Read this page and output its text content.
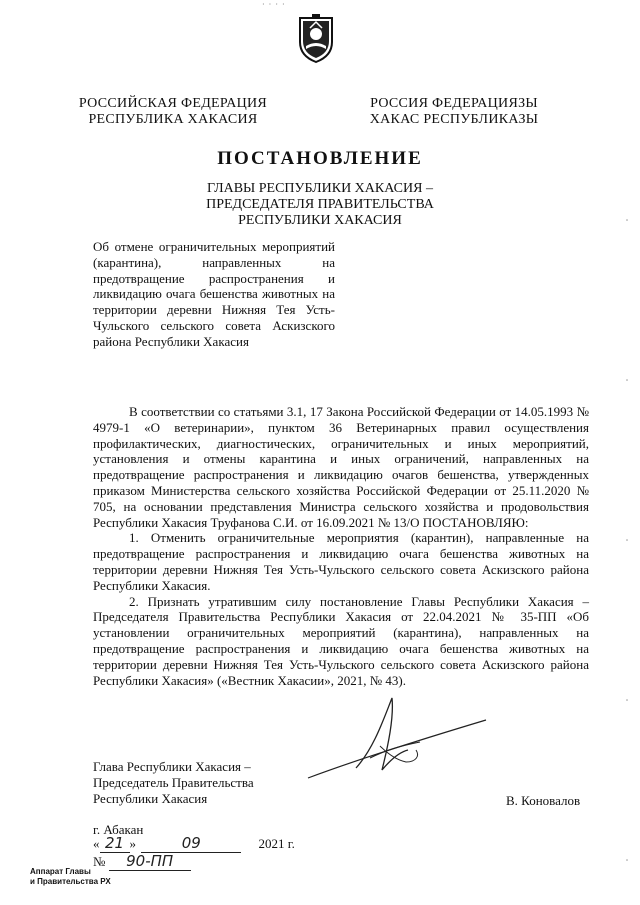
· · · ·
РОССИЙСКАЯ ФЕДЕРАЦИЯ
РЕСПУБЛИКА ХАКАСИЯ
РОССИЯ ФЕДЕРАЦИЯЗЫ
ХАКАС РЕСПУБЛИКАЗЫ
ПОСТАНОВЛЕНИЕ
ГЛАВЫ РЕСПУБЛИКИ ХАКАСИЯ –
ПРЕДСЕДАТЕЛЯ ПРАВИТЕЛЬСТВА
РЕСПУБЛИКИ ХАКАСИЯ
Об отмене ограничительных мероприятий (карантина), направленных на предотвращение распространения и ликвидацию очага бешенства животных на территории деревни Нижняя Тея Усть-Чульского сельского совета Аскизского района Республики Хакасия

В соответствии со статьями 3.1, 17 Закона Российской Федерации от 14.05.1993 № 4979-1 «О ветеринарии», пунктом 36 Ветеринарных правил осуществления профилактических, диагностических, ограничительных и иных мероприятий, установления и отмены карантина и иных ограничений, направленных на предотвращение распространения и ликвидацию очагов бешенства, утвержденных приказом Министерства сельского хозяйства Российской Федерации от 25.11.2020 № 705, на основании представления Министра сельского хозяйства и продовольствия Республики Хакасия Труфанова С.И. от 16.09.2021 № 13/О ПОСТАНОВЛЯЮ:

1. Отменить ограничительные мероприятия (карантин), направленные на предотвращение распространения и ликвидацию очага бешенства животных на территории деревни Нижняя Тея Усть-Чульского сельского совета Аскизского района Республики Хакасия.

2. Признать утратившим силу постановление Главы Республики Хакасия – Председателя Правительства Республики Хакасия от 22.04.2021 № 35-ПП «Об установлении ограничительных мероприятий (карантина), направленных на предотвращение распространения и ликвидацию очага бешенства животных на территории деревни Нижняя Тея Усть-Чульского сельского совета Аскизского района Республики Хакасия» («Вестник Хакасии», 2021, № 43).

Глава Республики Хакасия –
Председатель Правительства
Республики Хакасия	В. Коновалов
г. Абакан
« 21 »	09	2021 г.
№ 90-ПП
Аппарат Главы
и Правительства РХ
